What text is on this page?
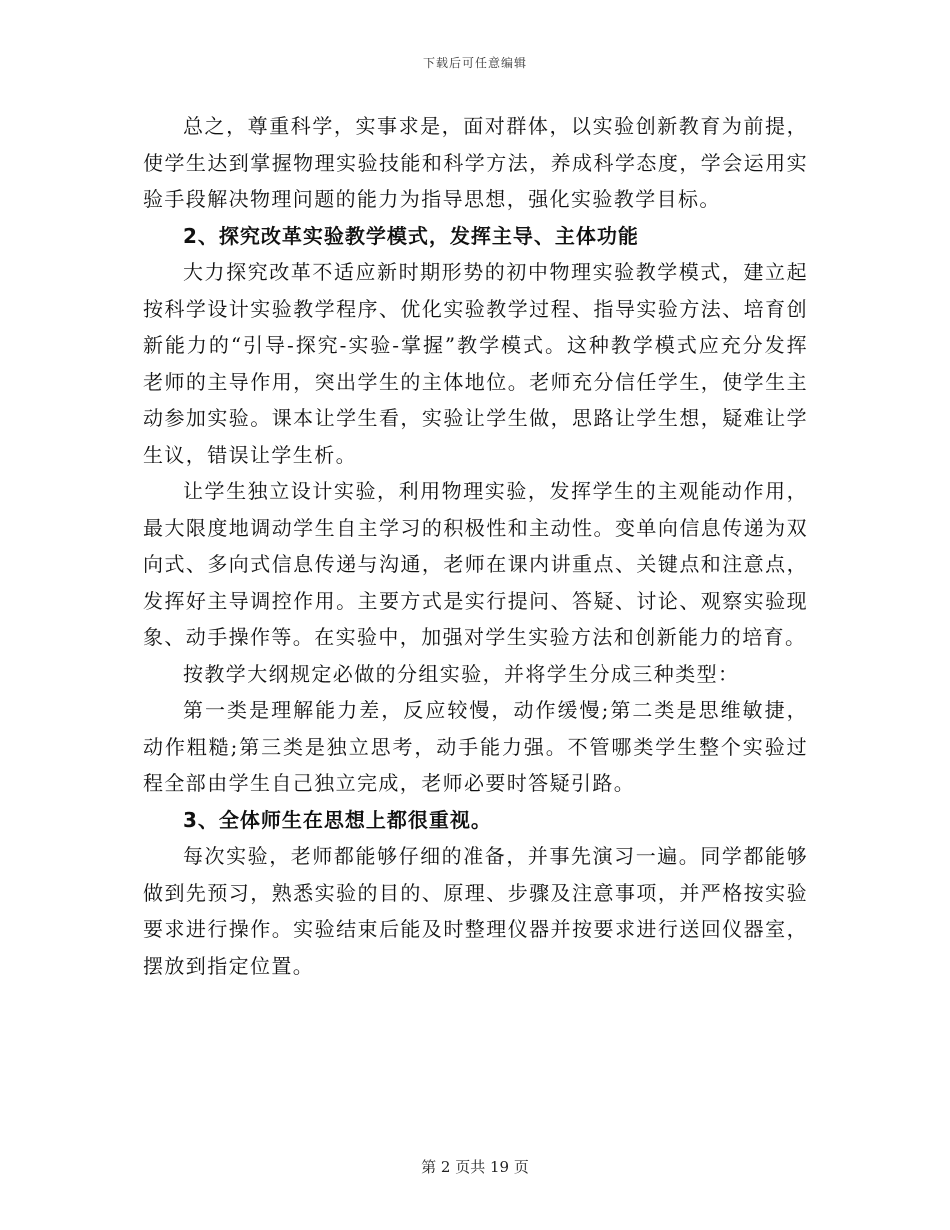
下载后可任意编辑

总之，尊重科学，实事求是，面对群体，以实验创新教育为前提，使学生达到掌握物理实验技能和科学方法，养成科学态度，学会运用实验手段解决物理问题的能力为指导思想，强化实验教学目标。

2、探究改革实验教学模式，发挥主导、主体功能

大力探究改革不适应新时期形势的初中物理实验教学模式，建立起按科学设计实验教学程序、优化实验教学过程、指导实验方法、培育创新能力的“引导-探究-实验-掌握”教学模式。这种教学模式应充分发挥老师的主导作用，突出学生的主体地位。老师充分信任学生，使学生主动参加实验。课本让学生看，实验让学生做，思路让学生想，疑难让学生议，错误让学生析。

让学生独立设计实验，利用物理实验，发挥学生的主观能动作用，最大限度地调动学生自主学习的积极性和主动性。变单向信息传递为双向式、多向式信息传递与沟通，老师在课内讲重点、关键点和注意点，发挥好主导调控作用。主要方式是实行提问、答疑、讨论、观察实验现象、动手操作等。在实验中，加强对学生实验方法和创新能力的培育。

按教学大纲规定必做的分组实验，并将学生分成三种类型：

第一类是理解能力差，反应较慢，动作缓慢;第二类是思维敏捷，动作粗糙;第三类是独立思考，动手能力强。不管哪类学生整个实验过程全部由学生自己独立完成，老师必要时答疑引路。

3、全体师生在思想上都很重视。

每次实验，老师都能够仔细的准备，并事先演习一遍。同学都能够做到先预习，熟悉实验的目的、原理、步骤及注意事项，并严格按实验要求进行操作。实验结束后能及时整理仪器并按要求进行送回仪器室，摆放到指定位置。

第 2 页共 19 页
